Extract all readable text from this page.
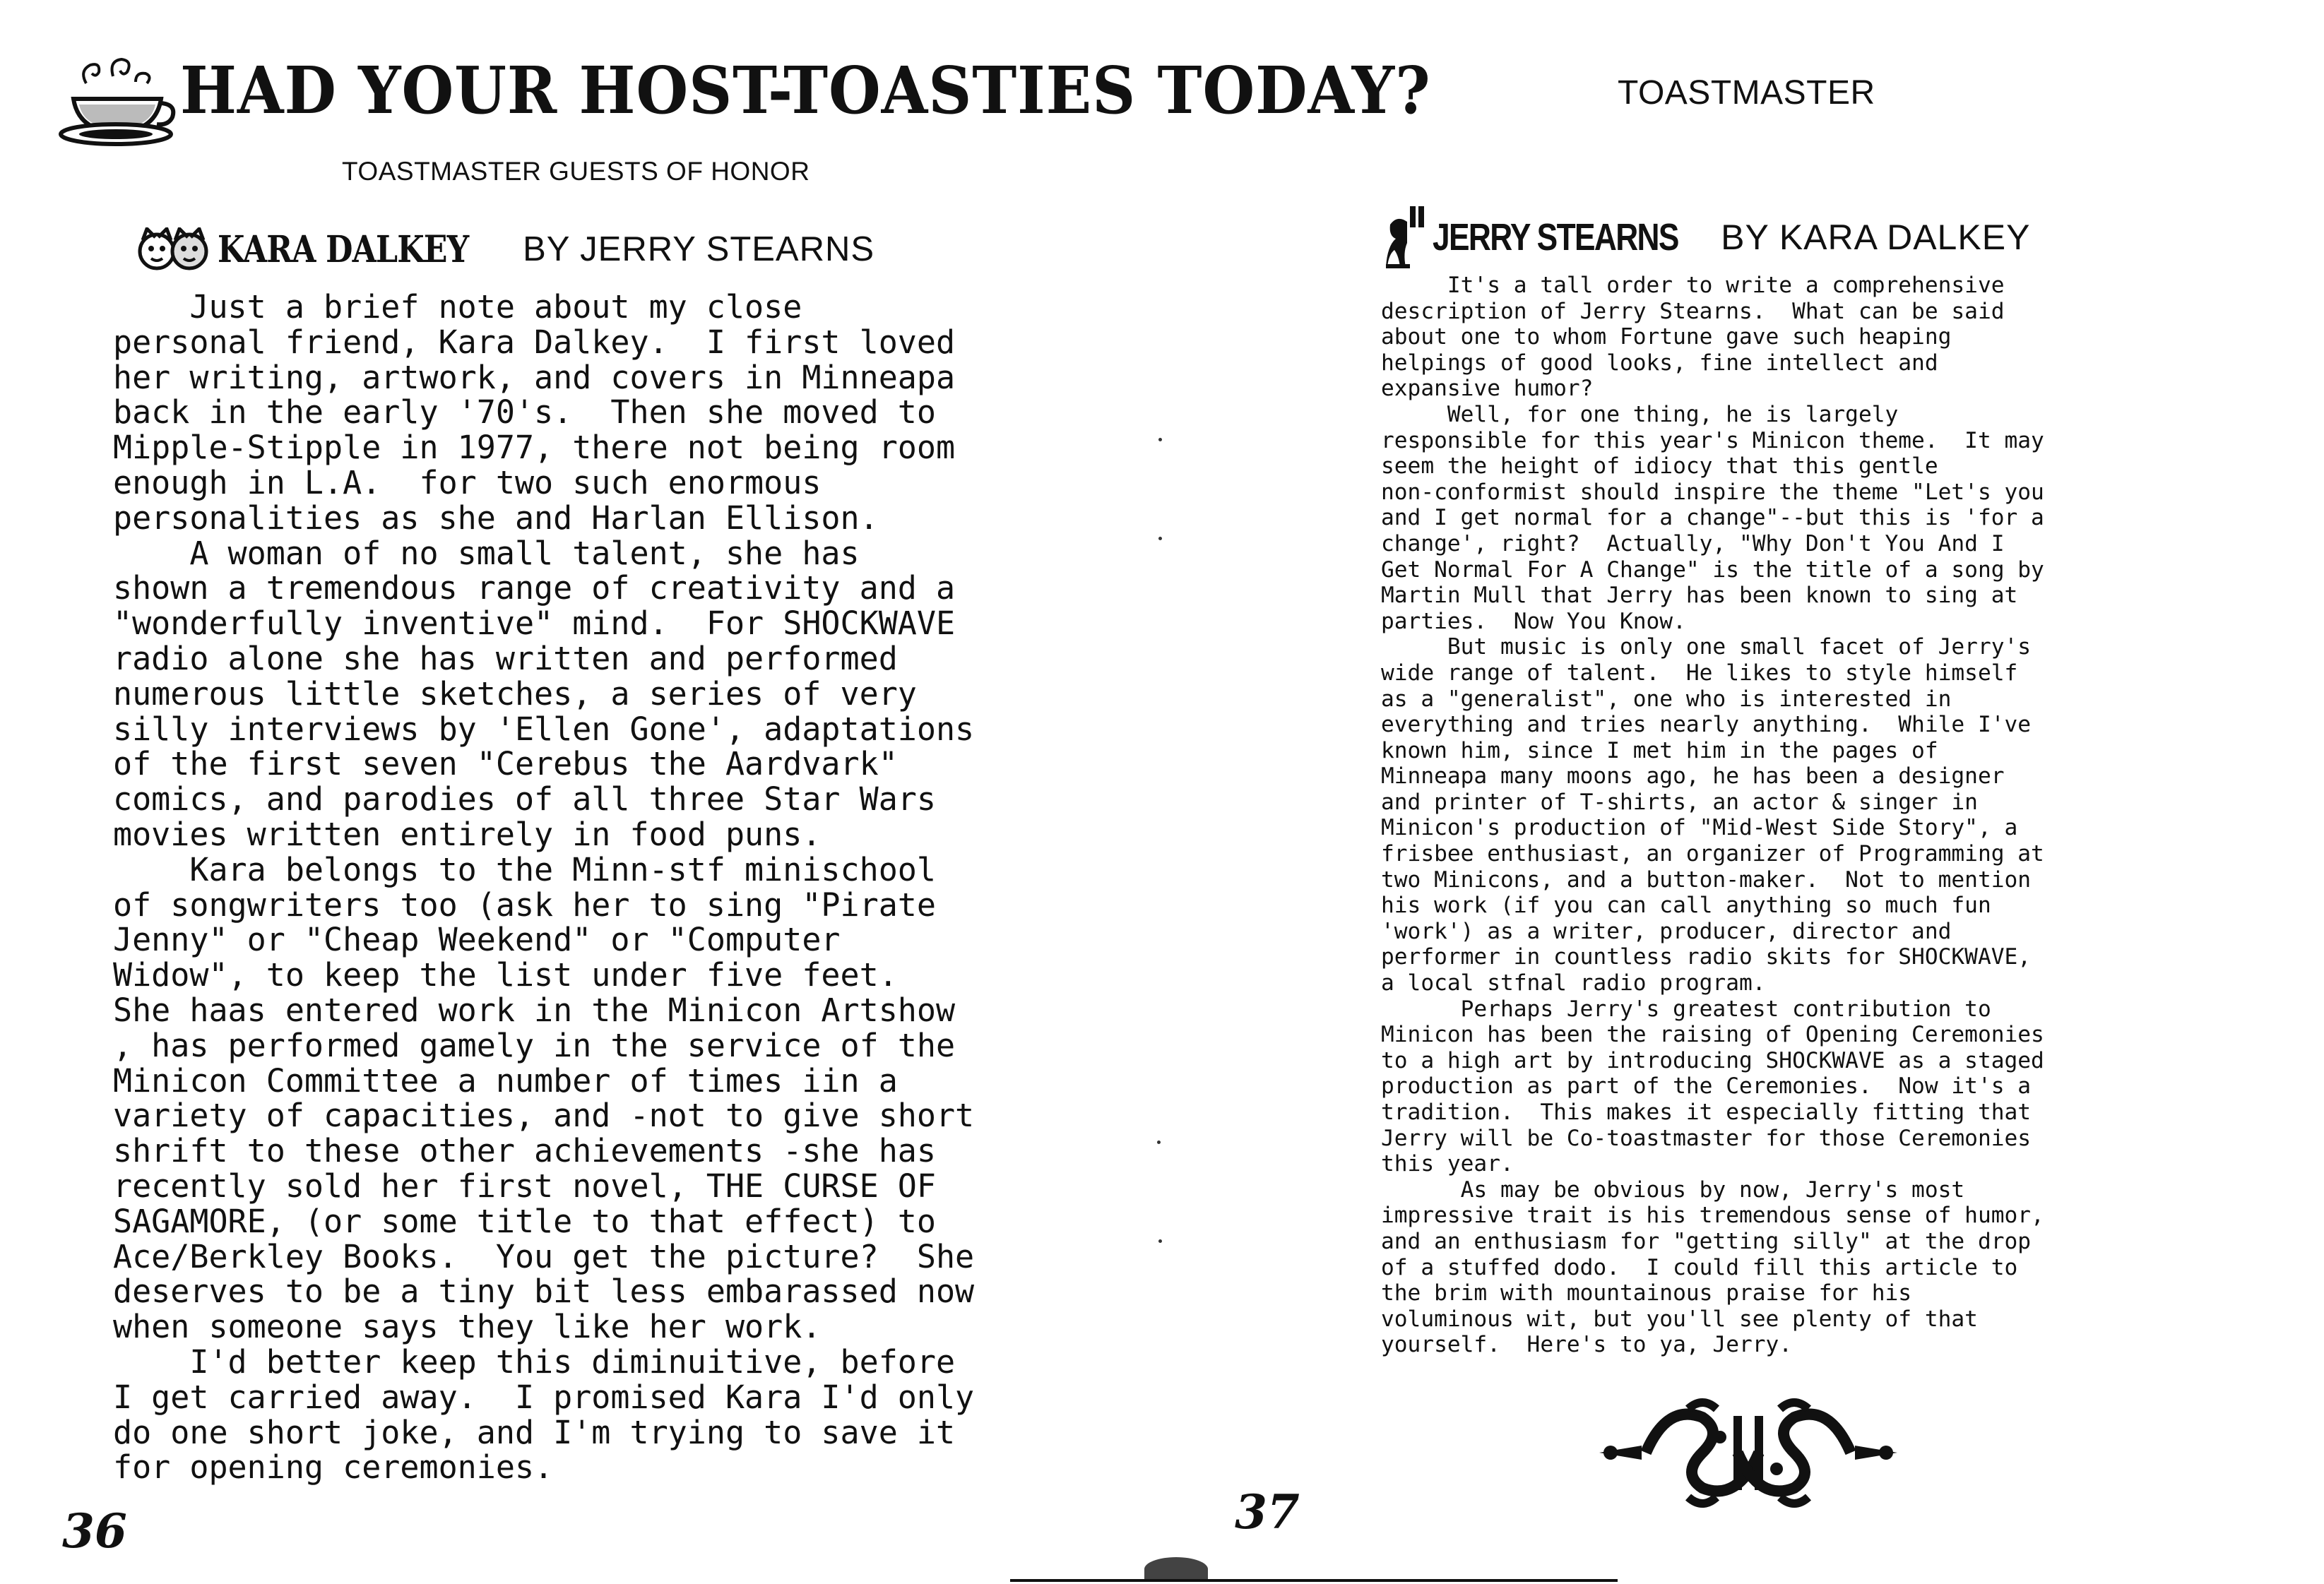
HAD YOUR HOST-TOASTIES TODAY?
TOASTMASTER GUESTS OF HONOR
KARA DALKEY BY JERRY STEARNS

Just a brief note about my close
personal friend, Kara Dalkey.  I first loved
her writing, artwork, and covers in Minneapa
back in the early '70's.  Then she moved to
Mipple-Stipple in 1977, there not being room
enough in L.A.  for two such enormous
personalities as she and Harlan Ellison.

A woman of no small talent, she has
shown a tremendous range of creativity and a
"wonderfully inventive" mind.  For SHOCKWAVE
radio alone she has written and performed
numerous little sketches, a series of very
silly interviews by 'Ellen Gone', adaptations
of the first seven "Cerebus the Aardvark"
comics, and parodies of all three Star Wars
movies written entirely in food puns.

Kara belongs to the Minn-stf minischool
of songwriters too (ask her to sing "Pirate
Jenny" or "Cheap Weekend" or "Computer
Widow", to keep the list under five feet.
She haas entered work in the Minicon Artshow
, has performed gamely in the service of the
Minicon Committee a number of times iin a
variety of capacities, and -not to give short
shrift to these other achievements -she has
recently sold her first novel, THE CURSE OF
SAGAMORE, (or some title to that effect) to
Ace/Berkley Books.  You get the picture?  She
deserves to be a tiny bit less embarassed now
when someone says they like her work.

I'd better keep this diminuitive, before
I get carried away.  I promised Kara I'd only
do one short joke, and I'm trying to save it
for opening ceremonies.

36
TOASTMASTER
JERRY STEARNS BY KARA DALKEY

It's a tall order to write a comprehensive
description of Jerry Stearns.  What can be said
about one to whom Fortune gave such heaping
helpings of good looks, fine intellect and
expansive humor?

Well, for one thing, he is largely
responsible for this year's Minicon theme.  It may
seem the height of idiocy that this gentle
non-conformist should inspire the theme "Let's you
and I get normal for a change"--but this is 'for a
change', right?  Actually, "Why Don't You And I
Get Normal For A Change" is the title of a song by
Martin Mull that Jerry has been known to sing at
parties.  Now You Know.

But music is only one small facet of Jerry's
wide range of talent.  He likes to style himself
as a "generalist", one who is interested in
everything and tries nearly anything.  While I've
known him, since I met him in the pages of
Minneapa many moons ago, he has been a designer
and printer of T-shirts, an actor & singer in
Minicon's production of "Mid-West Side Story", a
frisbee enthusiast, an organizer of Programming at
two Minicons, and a button-maker.  Not to mention
his work (if you can call anything so much fun
'work') as a writer, producer, director and
performer in countless radio skits for SHOCKWAVE,
a local stfnal radio program.

Perhaps Jerry's greatest contribution to
Minicon has been the raising of Opening Ceremonies
to a high art by introducing SHOCKWAVE as a staged
production as part of the Ceremonies.  Now it's a
tradition.  This makes it especially fitting that
Jerry will be Co-toastmaster for those Ceremonies
this year.

As may be obvious by now, Jerry's most
impressive trait is his tremendous sense of humor,
and an enthusiasm for "getting silly" at the drop
of a stuffed dodo.  I could fill this article to
the brim with mountainous praise for his
voluminous wit, but you'll see plenty of that
yourself.  Here's to ya, Jerry.

37
